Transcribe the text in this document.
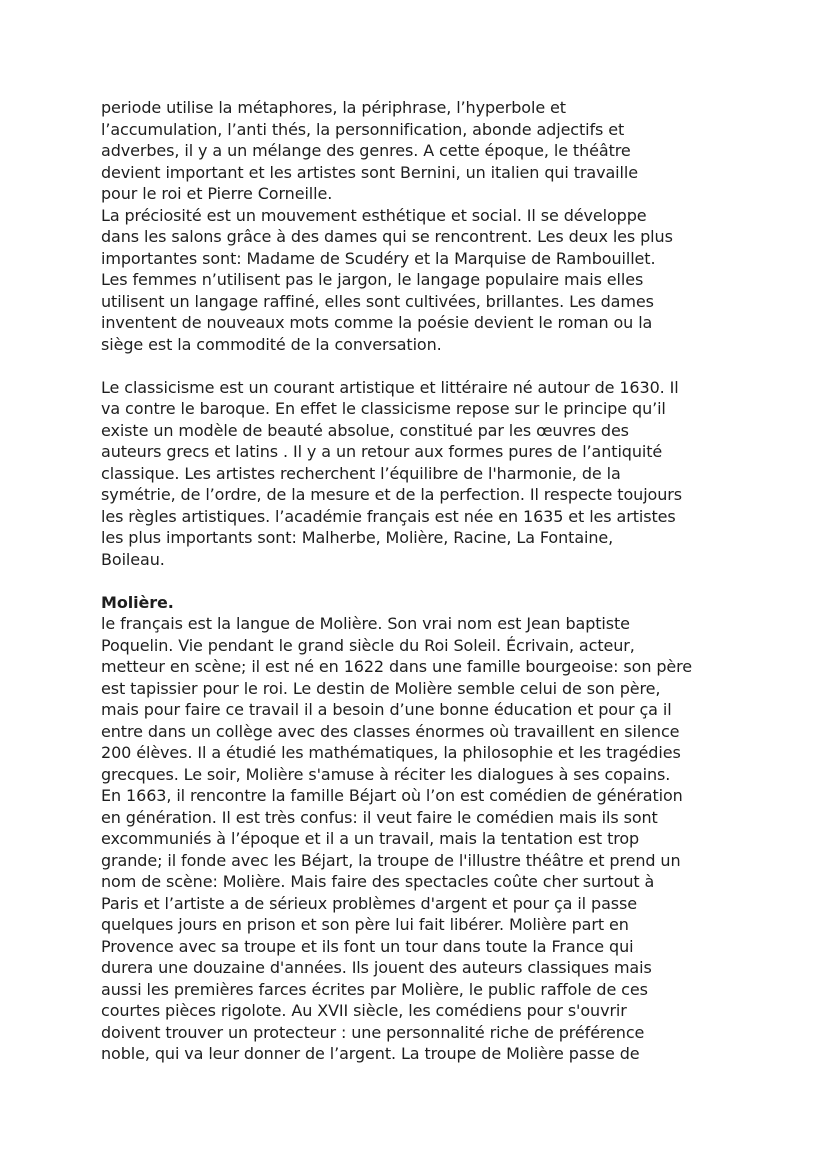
periode utilise la métaphores, la périphrase, l’hyperbole et
l’accumulation, l’anti thés, la personnification, abonde adjectifs et
adverbes, il y a un mélange des genres. A cette époque, le théâtre
devient important et les artistes sont Bernini, un italien qui travaille
pour le roi et Pierre Corneille.
La préciosité est un mouvement esthétique et social. Il se développe
dans les salons grâce à des dames qui se rencontrent. Les deux les plus
importantes sont: Madame de Scudéry et la Marquise de Rambouillet.
Les femmes n’utilisent pas le jargon, le langage populaire mais elles
utilisent un langage raffiné, elles sont cultivées, brillantes. Les dames
inventent de nouveaux mots comme la poésie devient le roman ou la
siège est la commodité de la conversation.
Le classicisme est un courant artistique et littéraire né autour de 1630. Il
va contre le baroque. En effet le classicisme repose sur le principe qu’il
existe un modèle de beauté absolue, constitué par les œuvres des
auteurs grecs et latins . Il y a un retour aux formes pures de l’antiquité
classique. Les artistes recherchent l’équilibre de l'harmonie, de la
symétrie, de l’ordre, de la mesure et de la perfection. Il respecte toujours
les règles artistiques. l’académie français est née en 1635 et les artistes
les plus importants sont: Malherbe, Molière, Racine, La Fontaine,
Boileau.
Molière.
le français est la langue de Molière. Son vrai nom est Jean baptiste
Poquelin. Vie pendant le grand siècle du Roi Soleil. Écrivain, acteur,
metteur en scène; il est né en 1622 dans une famille bourgeoise: son père
est tapissier pour le roi. Le destin de Molière semble celui de son père,
mais pour faire ce travail il a besoin d’une bonne éducation et pour ça il
entre dans un collège avec des classes énormes où travaillent en silence
200 élèves. Il a étudié les mathématiques, la philosophie et les tragédies
grecques. Le soir, Molière s'amuse à réciter les dialogues à ses copains.
En 1663, il rencontre la famille Béjart où l’on est comédien de génération
en génération. Il est très confus: il veut faire le comédien mais ils sont
excommuniés à l’époque et il a un travail, mais la tentation est trop
grande; il fonde avec les Béjart, la troupe de l'illustre théâtre et prend un
nom de scène: Molière. Mais faire des spectacles coûte cher surtout à
Paris et l’artiste a de sérieux problèmes d'argent et pour ça il passe
quelques jours en prison et son père lui fait libérer. Molière part en
Provence avec sa troupe et ils font un tour dans toute la France qui
durera une douzaine d'années. Ils jouent des auteurs classiques mais
aussi les premières farces écrites par Molière, le public raffole de ces
courtes pièces rigolote. Au XVII siècle, les comédiens pour s'ouvrir
doivent trouver un protecteur : une personnalité riche de préférence
noble, qui va leur donner de l’argent. La troupe de Molière passe de
